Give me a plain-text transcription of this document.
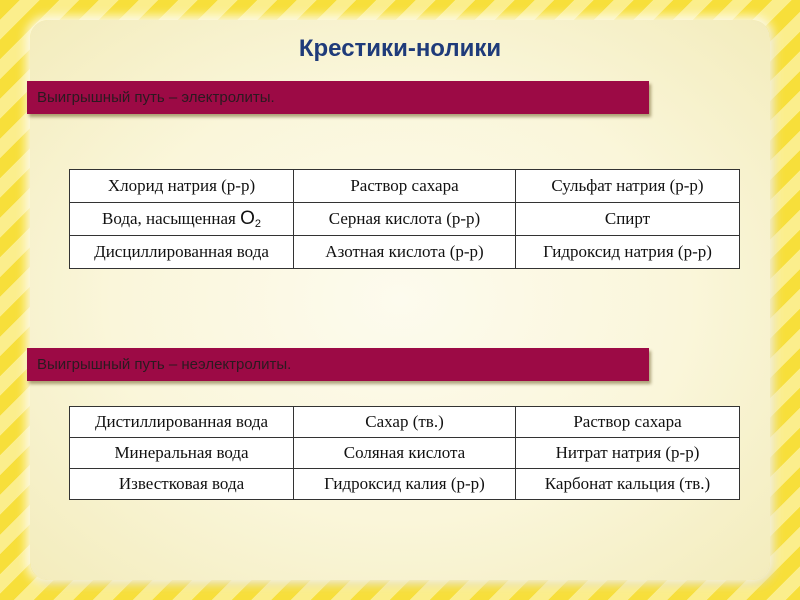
Крестики-нолики
Выигрышный путь – электролиты.
Хлорид натрия (р-р)	Раствор сахара	Сульфат натрия (р-р)
Вода, насыщенная $O_2$	Серная кислота (р-р)	Спирт
Дисциллированная вода	Азотная кислота (р-р)	Гидроксид натрия (р-р)
Выигрышный путь – неэлектролиты.
Дистиллированная вода	Сахар (тв.)	Раствор сахара
Минеральная вода	Соляная кислота	Нитрат натрия (р-р)
Известковая вода	Гидроксид калия (р-р)	Карбонат кальция (тв.)
